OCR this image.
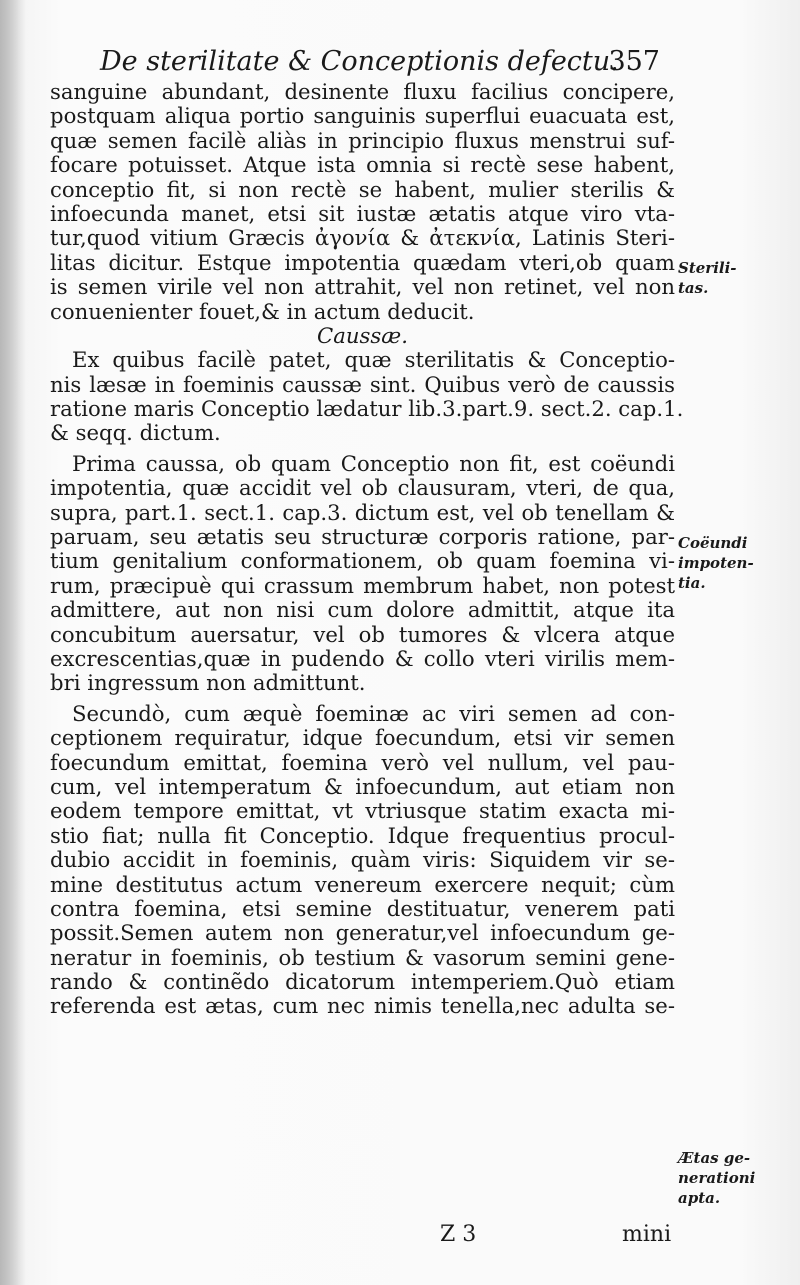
De sterilitate & Conceptionis defectu.
357
sanguine abundant, desinente fluxu facilius concipere,
postquam aliqua portio sanguinis superflui euacuata est,
quæ semen facilè aliàs in principio fluxus menstrui suf-
focare potuisset. Atque ista omnia si rectè sese habent,
conceptio fit, si non rectè se habent, mulier sterilis &
infoecunda manet, etsi sit iustæ ætatis atque viro vta-
tur,quod vitium Græcis ἀγονία & ἀτεκνία, Latinis Steri-
litas dicitur. Estque impotentia quædam vteri,ob quam
is semen virile vel non attrahit, vel non retinet, vel non
conuenienter fouet,& in actum deducit.
Caussæ.
Ex quibus facilè patet, quæ sterilitatis & Conceptio-
nis læsæ in foeminis caussæ sint. Quibus verò de caussis
ratione maris Conceptio lædatur lib.3.part.9. sect.2. cap.1.
& seqq. dictum.
Prima caussa, ob quam Conceptio non fit, est coëundi
impotentia, quæ accidit vel ob clausuram, vteri, de qua,
supra, part.1. sect.1. cap.3. dictum est, vel ob tenellam &
paruam, seu ætatis seu structuræ corporis ratione, par-
tium genitalium conformationem, ob quam foemina vi-
rum, præcipuè qui crassum membrum habet, non potest
admittere, aut non nisi cum dolore admittit, atque ita
concubitum auersatur, vel ob tumores & vlcera atque
excrescentias,quæ in pudendo & collo vteri virilis mem-
bri ingressum non admittunt.
Secundò, cum æquè foeminæ ac viri semen ad con-
ceptionem requiratur, idque foecundum, etsi vir semen
foecundum emittat, foemina verò vel nullum, vel pau-
cum, vel intemperatum & infoecundum, aut etiam non
eodem tempore emittat, vt vtriusque statim exacta mi-
stio fiat; nulla fit Conceptio. Idque frequentius procul-
dubio accidit in foeminis, quàm viris: Siquidem vir se-
mine destitutus actum venereum exercere nequit; cùm
contra foemina, etsi semine destituatur, venerem pati
possit.Semen autem non generatur,vel infoecundum ge-
neratur in foeminis, ob testium & vasorum semini gene-
rando & continẽdo dicatorum intemperiem.Quò etiam
referenda est ætas, cum nec nimis tenella,nec adulta se-
Sterili-
tas.
Coëundi
impoten-
tia.
Ætas ge-
nerationi
apta.
Z 3	mini
